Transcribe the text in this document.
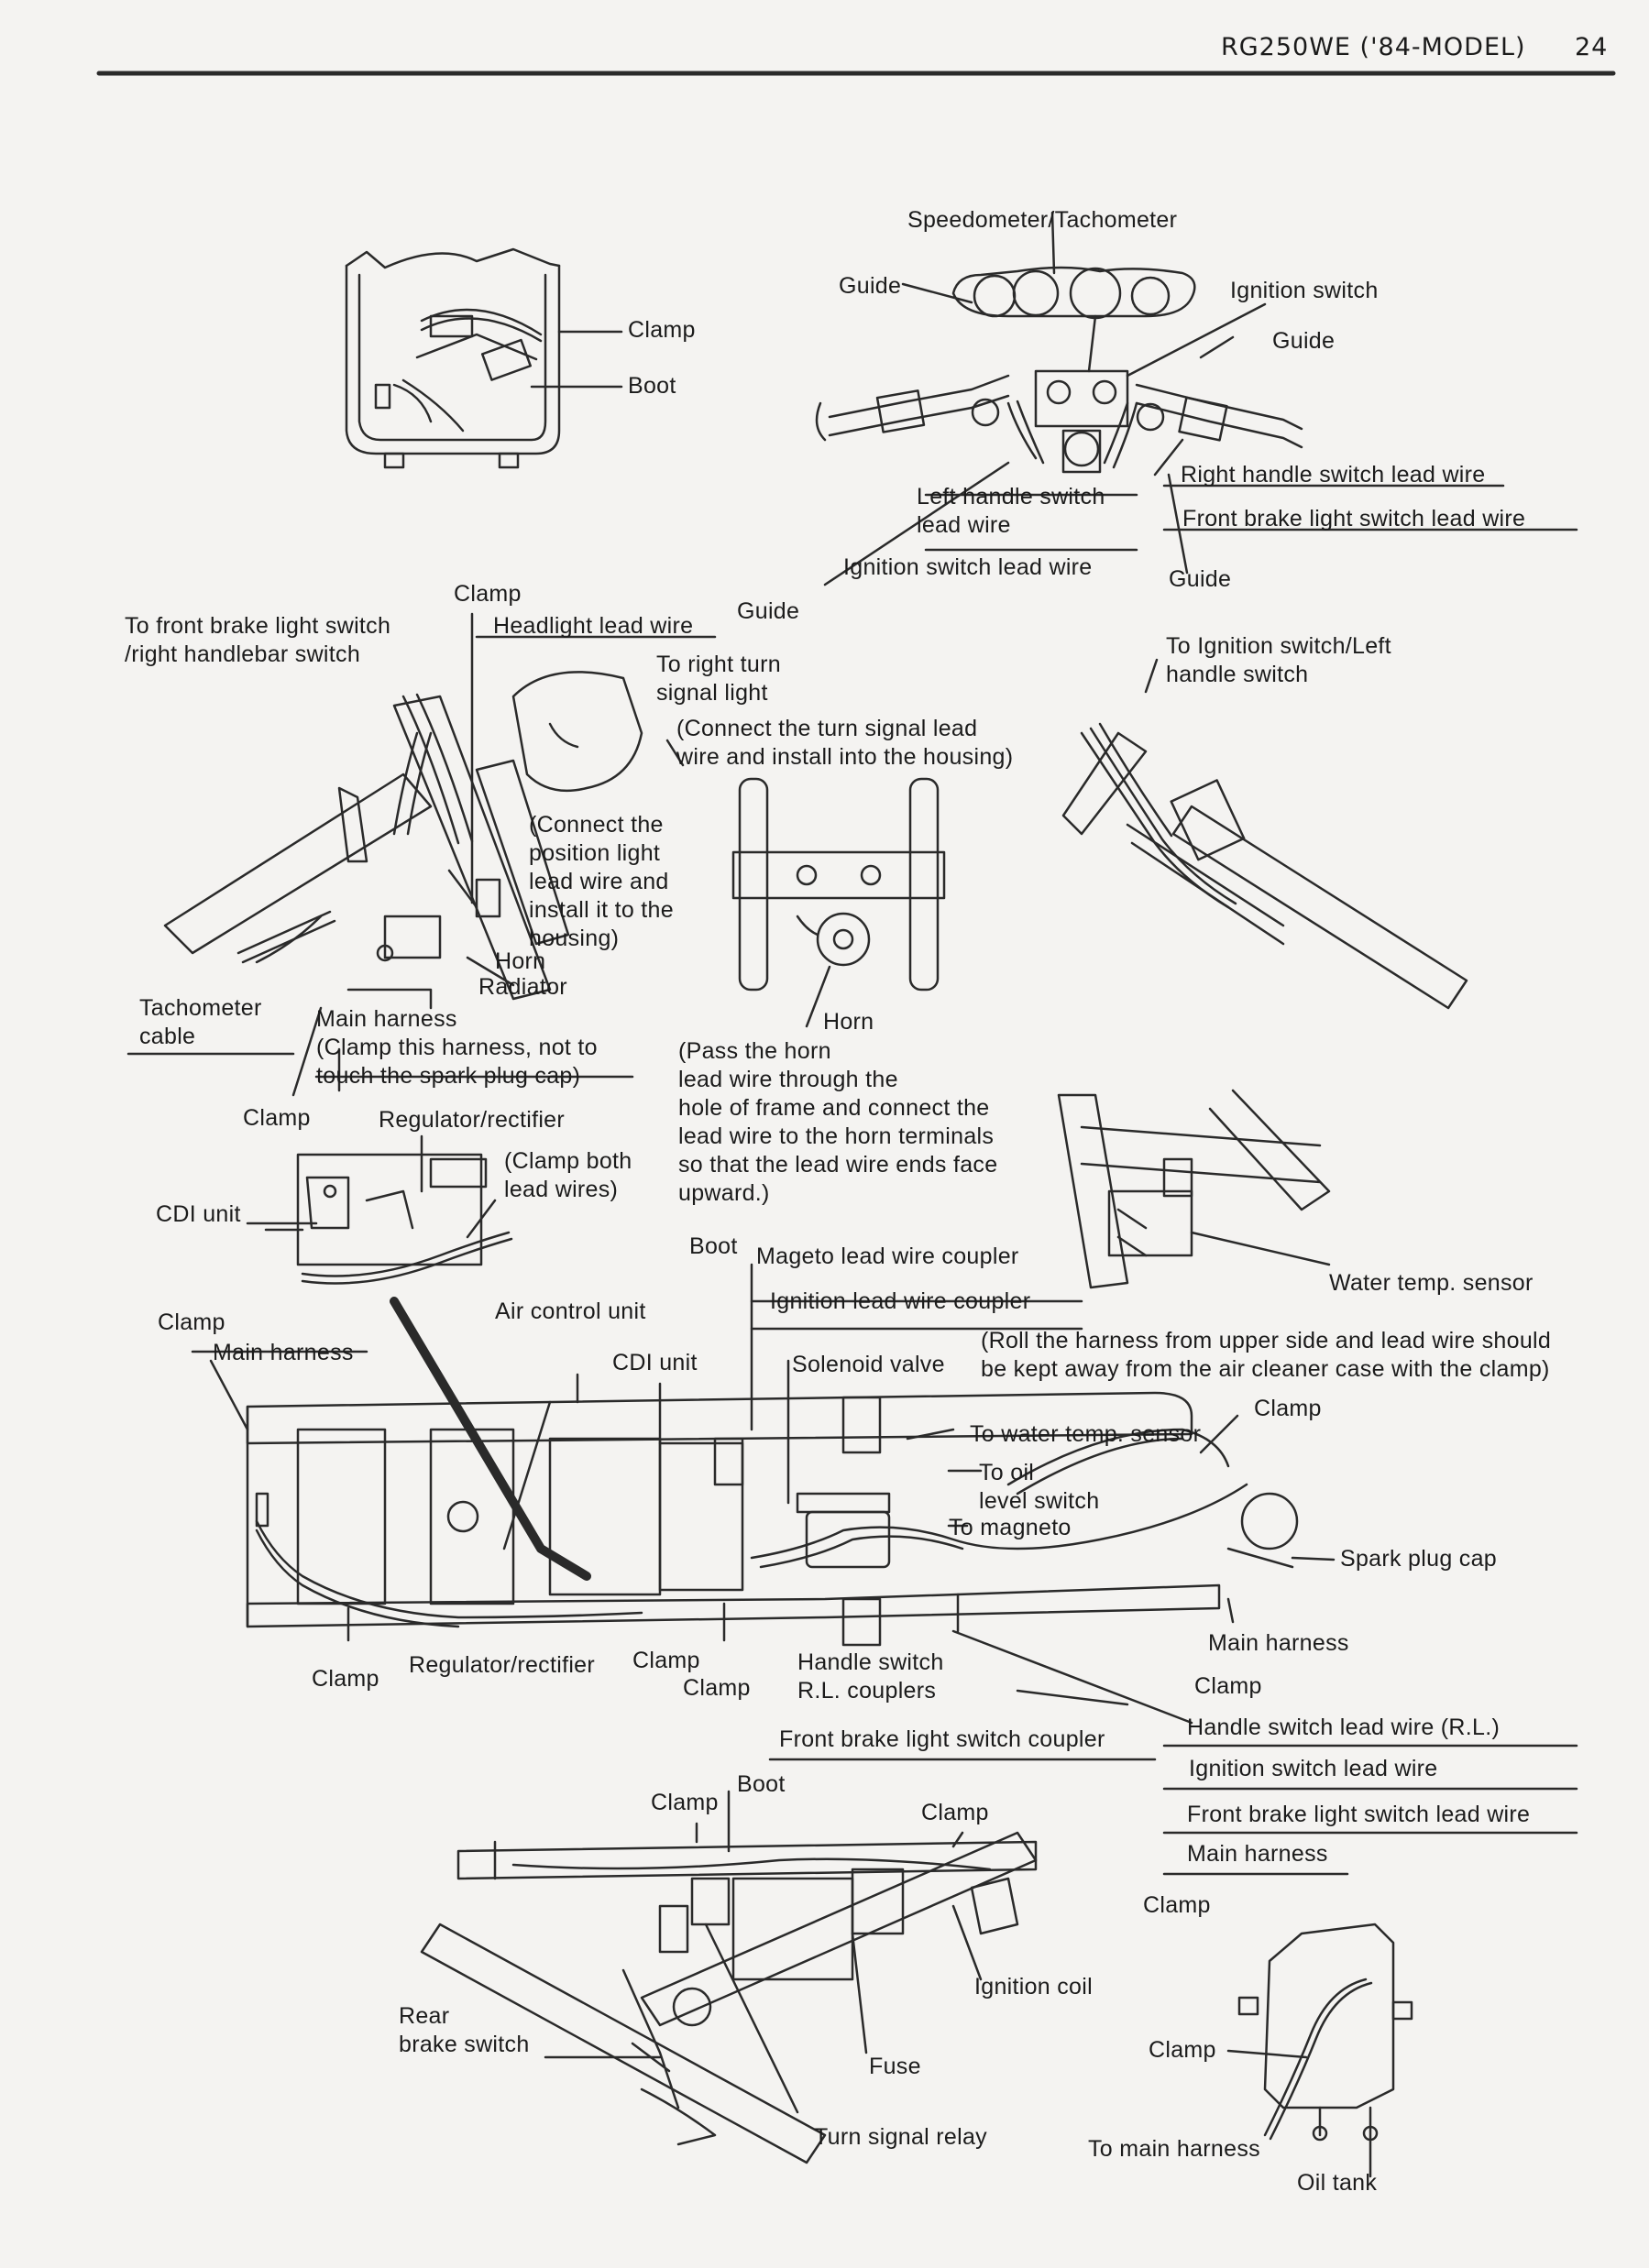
RG250WE ('84-MODEL) 24
Clamp
Boot
Speedometer/Tachometer
Guide	Ignition switch
Guide
Right handle switch lead wire
Left handle switch
lead wire	Front brake light switch lead wire
Ignition switch lead wire	Guide
Guide
Clamp
Headlight lead wire
To front brake light switch
/right handlebar switch	To right turn
signal light
(Connect the turn signal lead
wire and install into the housing)
To Ignition switch/Left
handle switch
(Connect the
position light
lead wire and
install it to the
housing)
Horn
Radiator
Tachometer
cable
Main harness
(Clamp this harness, not to
touch the spark plug cap)
Horn
(Pass the horn
lead wire through the
hole of frame and connect the
lead wire to the horn terminals
so that the lead wire ends face
upward.)
Clamp	Regulator/rectifier
(Clamp both
lead wires)
CDI unit
Boot Mageto lead wire coupler
Ignition lead wire coupler
Water temp. sensor
Clamp
Main harness
Air control unit
CDI unit	Solenoid valve
(Roll the harness from upper side and lead wire should
be kept away from the air cleaner case with the clamp)
Clamp
To water temp. sensor
To oil
level switch
To magneto
Spark plug cap
Main harness
Clamp
Regulator/rectifier Clamp
Clamp
Handle switch
R.L. couplers	Clamp
Handle switch lead wire (R.L.)
Front brake light switch coupler
Ignition switch lead wire
Boot
Clamp	Clamp	Front brake light switch lead wire
Main harness
Clamp
Ignition coil
Rear
brake switch
Fuse
Turn signal relay
Clamp
To main harness
Oil tank
